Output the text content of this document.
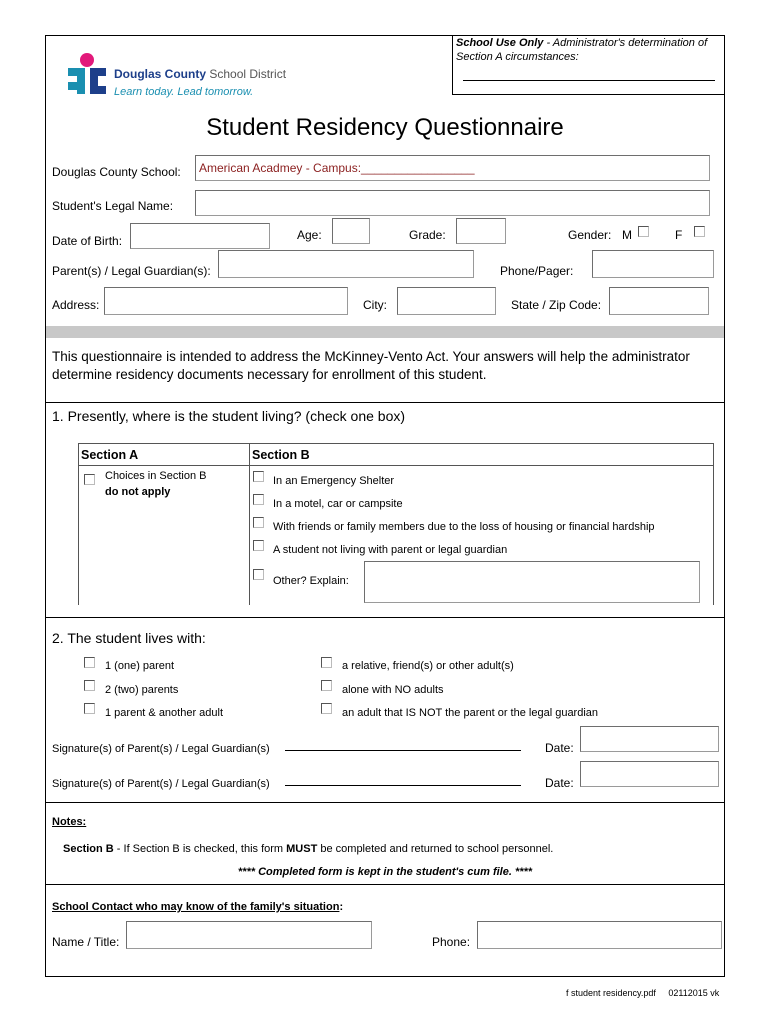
School Use Only - Administrator's determination of Section A circumstances:
Douglas County School District
Learn today. Lead tomorrow.
Student Residency Questionnaire
Douglas County School: American Acadmey - Campus:_________________
Student's Legal Name:
Date of Birth:	Age:	Grade:	Gender: M	F
Parent(s) / Legal Guardian(s):	Phone/Pager:
Address:	City:	State / Zip Code:
This questionnaire is intended to address the McKinney-Vento Act. Your answers will help the administrator determine residency documents necessary for enrollment of this student.
1. Presently, where is the student living? (check one box)
Section A	Section B
Choices in Section B
do not apply
In an Emergency Shelter
In a motel, car or campsite
With friends or family members due to the loss of housing or financial hardship
A student not living with parent or legal guardian
Other? Explain:
2. The student lives with:
1 (one) parent
2 (two) parents
1 parent & another adult
a relative, friend(s) or other adult(s)
alone with NO adults
an adult that IS NOT the parent or the legal guardian
Signature(s) of Parent(s) / Legal Guardian(s)	Date:
Signature(s) of Parent(s) / Legal Guardian(s)	Date:
Notes:
Section B - If Section B is checked, this form MUST be completed and returned to school personnel.
**** Completed form is kept in the student's cum file. ****
School Contact who may know of the family's situation:
Name / Title:	Phone:
f student residency.pdf     02112015 vk
